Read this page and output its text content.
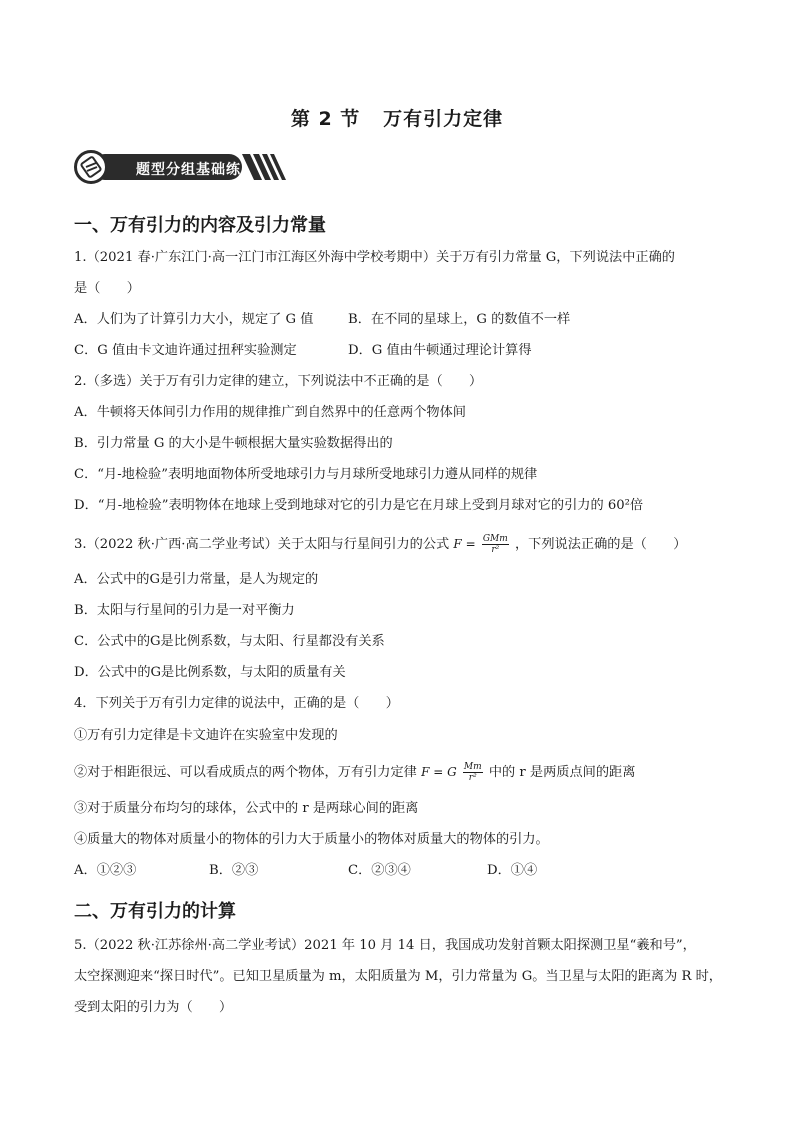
第 2 节   万有引力定律
题型分组基础练
一、万有引力的内容及引力常量
1.（2021 春·广东江门·高一江门市江海区外海中学校考期中）关于万有引力常量 G，下列说法中正确的
是（　　）
A．人们为了计算引力大小，规定了 G 值	B．在不同的星球上，G 的数值不一样
C．G 值由卡文迪许通过扭秤实验测定	D．G 值由牛顿通过理论计算得
2.（多选）关于万有引力定律的建立，下列说法中不正确的是（　　）
A．牛顿将天体间引力作用的规律推广到自然界中的任意两个物体间
B．引力常量 G 的大小是牛顿根据大量实验数据得出的
C．“月-地检验”表明地面物体所受地球引力与月球所受地球引力遵从同样的规律
D．“月-地检验”表明物体在地球上受到地球对它的引力是它在月球上受到月球对它的引力的 60²倍
3.（2022 秋·广西·高二学业考试）关于太阳与行星间引力的公式 $F = \frac{\text{GMm}}{\text{r²}}$ ，下列说法正确的是（　　）
A．公式中的G是引力常量，是人为规定的
B．太阳与行星间的引力是一对平衡力
C．公式中的G是比例系数，与太阳、行星都没有关系
D．公式中的G是比例系数，与太阳的质量有关
4．下列关于万有引力定律的说法中，正确的是（　　）
①万有引力定律是卡文迪许在实验室中发现的
②对于相距很远、可以看成质点的两个物体，万有引力定律 F = G $\frac{Mm}{\text{r²}}$ 中的 r 是两质点间的距离
③对于质量分布均匀的球体，公式中的 r 是两球心间的距离
④质量大的物体对质量小的物体的引力大于质量小的物体对质量大的物体的引力。
A．①②③	B．②③	C．②③④	D．①④
二、万有引力的计算
5.（2022 秋·江苏徐州·高二学业考试）2021 年 10 月 14 日，我国成功发射首颗太阳探测卫星“羲和号”，
太空探测迎来“探日时代”。已知卫星质量为 m，太阳质量为 M，引力常量为 G。当卫星与太阳的距离为 R 时，
受到太阳的引力为（　　）
